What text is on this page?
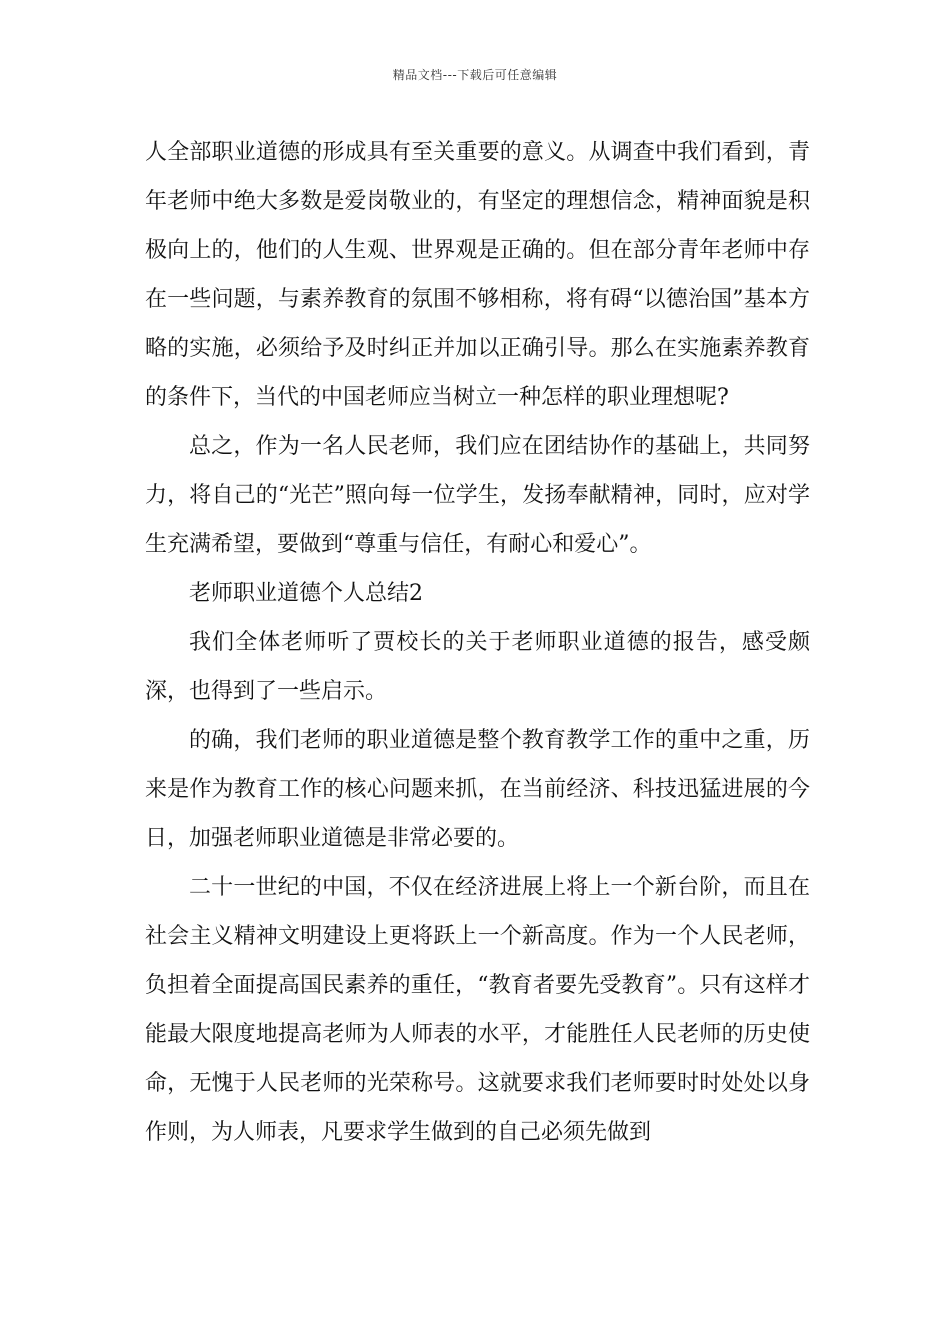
精品文档---下载后可任意编辑

人全部职业道德的形成具有至关重要的意义。从调查中我们看到，青年老师中绝大多数是爱岗敬业的，有坚定的理想信念，精神面貌是积极向上的，他们的人生观、世界观是正确的。但在部分青年老师中存在一些问题，与素养教育的氛围不够相称，将有碍“以德治国”基本方略的实施，必须给予及时纠正并加以正确引导。那么在实施素养教育的条件下，当代的中国老师应当树立一种怎样的职业理想呢?

总之，作为一名人民老师，我们应在团结协作的基础上，共同努力，将自己的“光芒”照向每一位学生，发扬奉献精神，同时，应对学生充满希望，要做到“尊重与信任，有耐心和爱心”。

老师职业道德个人总结2

我们全体老师听了贾校长的关于老师职业道德的报告，感受颇深，也得到了一些启示。

的确，我们老师的职业道德是整个教育教学工作的重中之重，历来是作为教育工作的核心问题来抓，在当前经济、科技迅猛进展的今日，加强老师职业道德是非常必要的。

二十一世纪的中国，不仅在经济进展上将上一个新台阶，而且在社会主义精神文明建设上更将跃上一个新高度。作为一个人民老师，负担着全面提高国民素养的重任，“教育者要先受教育”。只有这样才能最大限度地提高老师为人师表的水平，才能胜任人民老师的历史使命，无愧于人民老师的光荣称号。这就要求我们老师要时时处处以身作则，为人师表，凡要求学生做到的自己必须先做到
